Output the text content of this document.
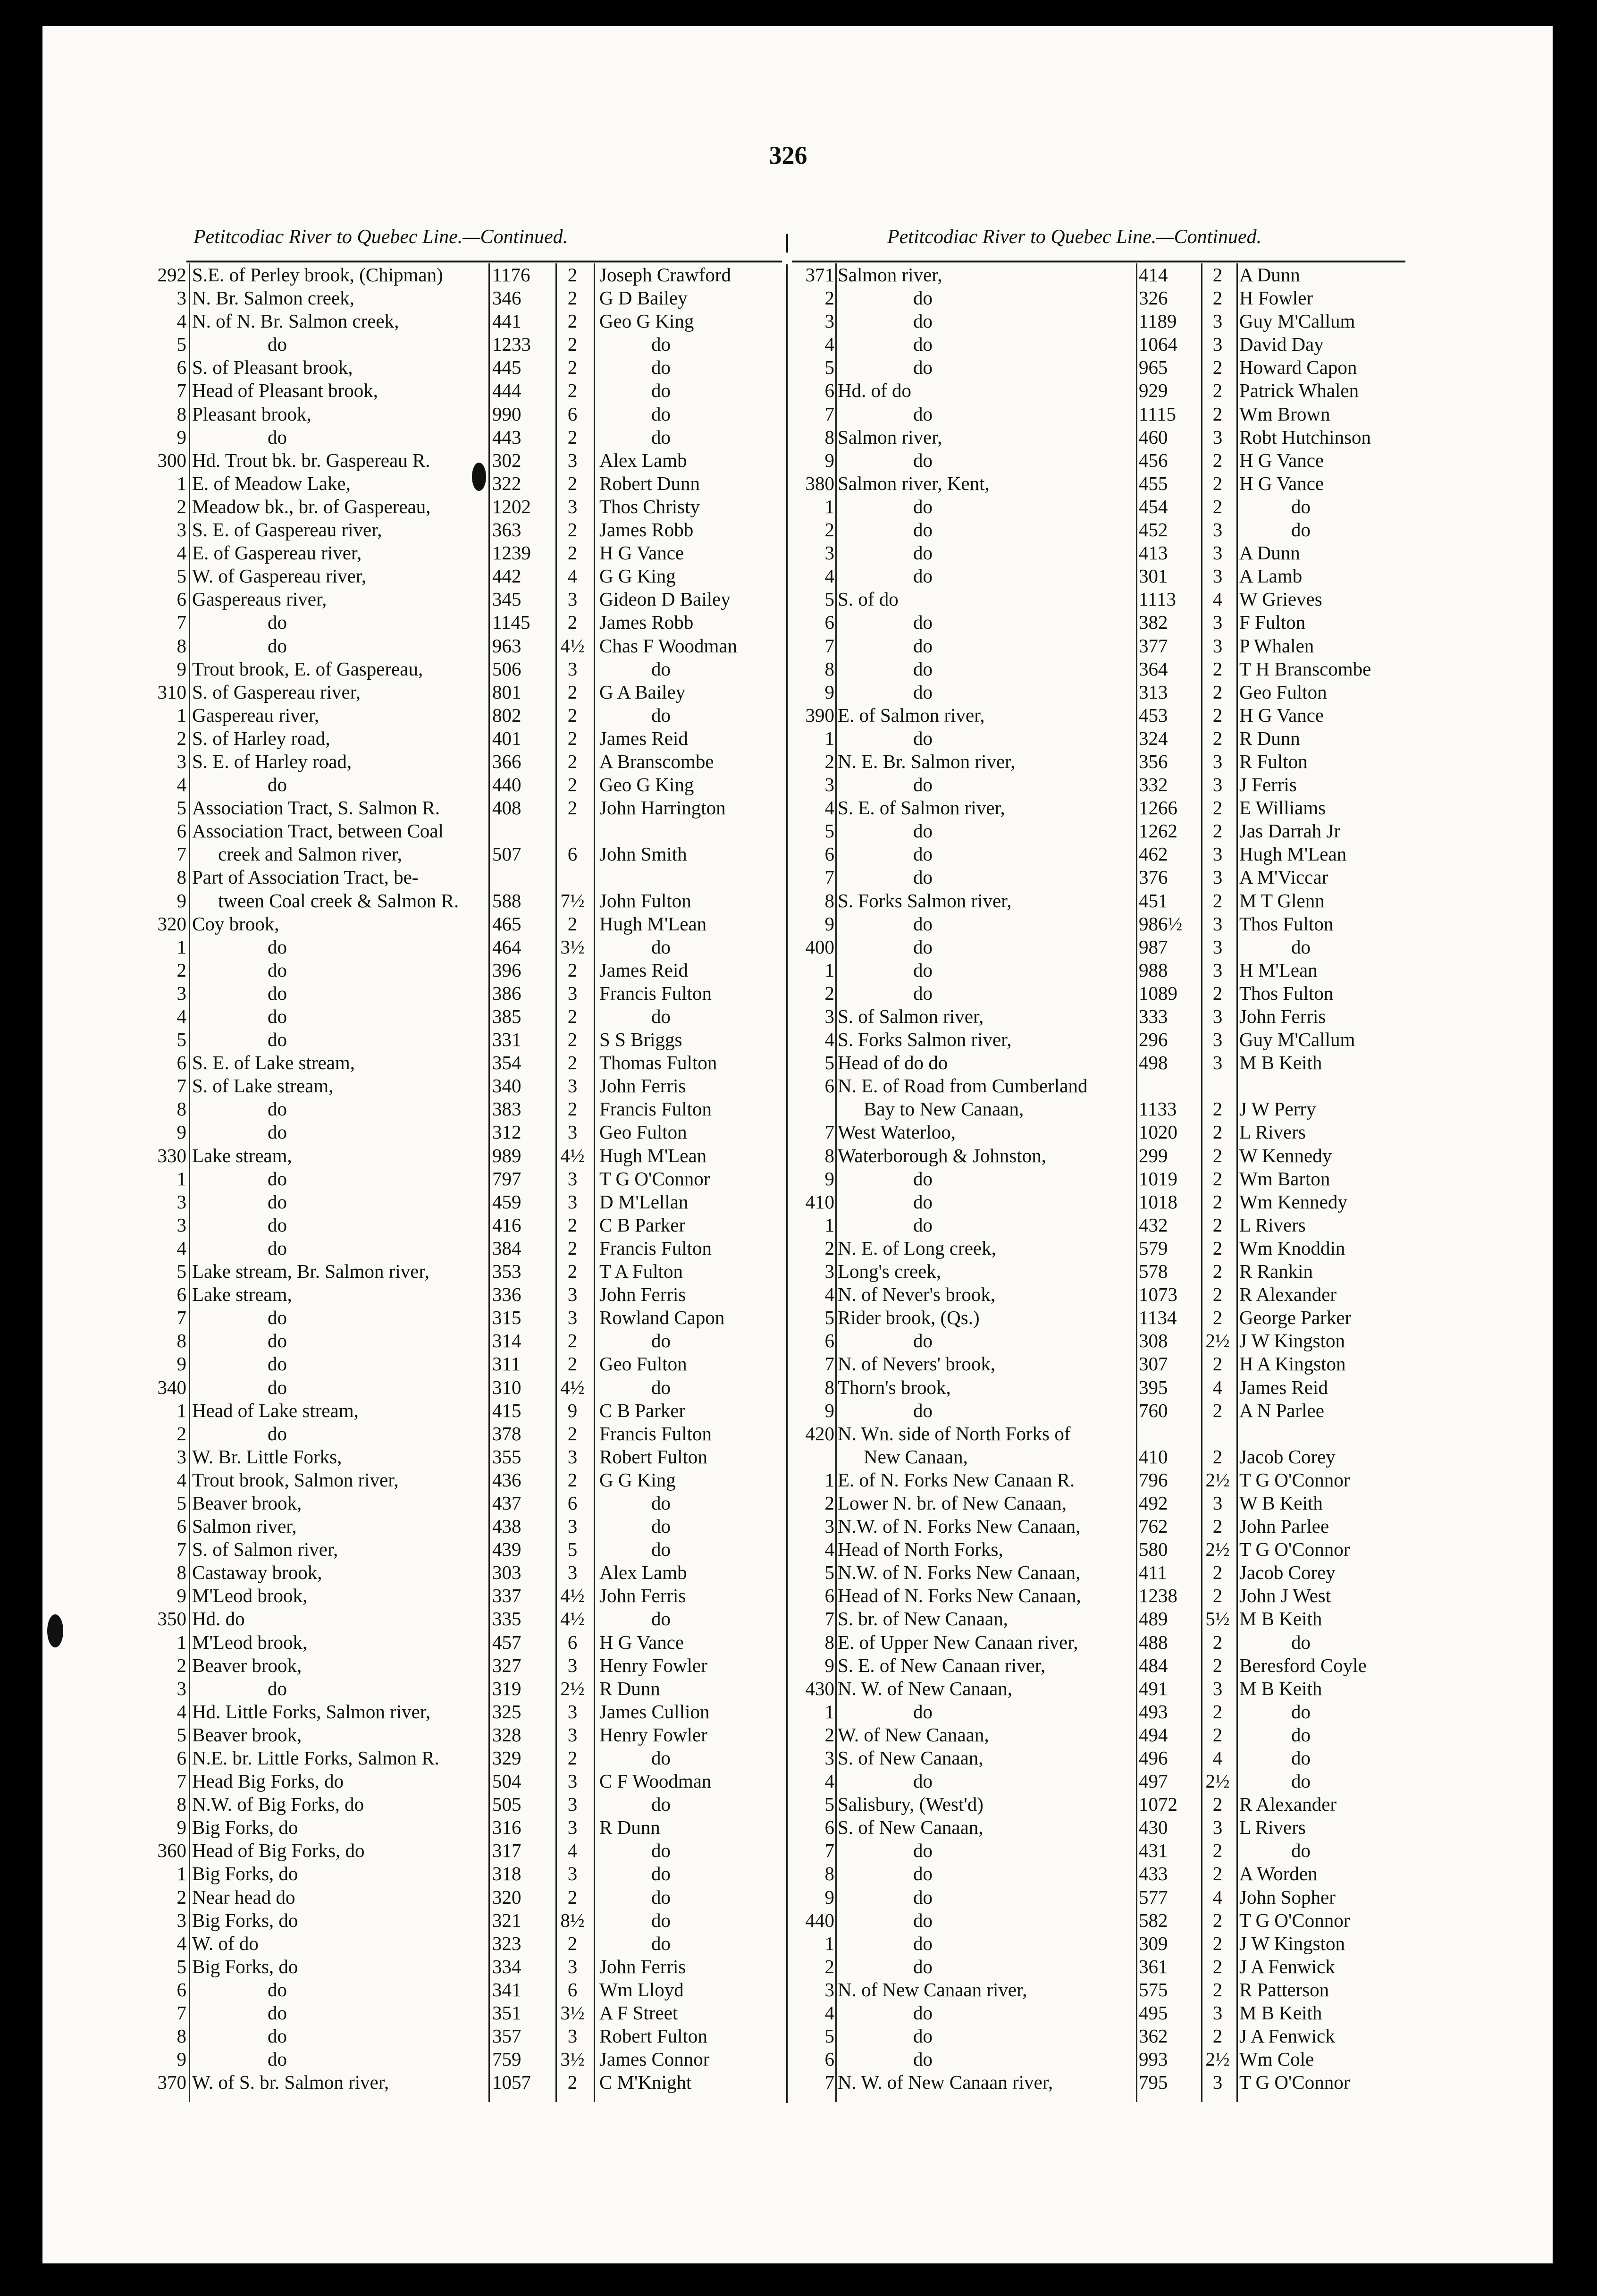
326
Petitcodiac River to Quebec Line.—Continued.	Petitcodiac River to Quebec Line.—Continued.
292 S.E. of Perley brook, (Chipman)	1176	2	Joseph Crawford
3 N. Br. Salmon creek,	346	2	G D Bailey
4 N. of N. Br. Salmon creek,	441	2	Geo G King
5	do	1233	2	do
6 S. of Pleasant brook,	445	2	do
7 Head of Pleasant brook,	444	2	do
8 Pleasant brook,	990	6	do
9	do	443	2	do
300 Hd. Trout bk. br. Gaspereau R.	302	3	Alex Lamb
1 E. of Meadow Lake,	322	2	Robert Dunn
2 Meadow bk., br. of Gaspereau,	1202	3	Thos Christy
3 S. E. of Gaspereau river,	363	2	James Robb
4 E. of Gaspereau river,	1239	2	H G Vance
5 W. of Gaspereau river,	442	4	G G King
6 Gaspereaus river,	345	3	Gideon D Bailey
7	do	1145	2	James Robb
8	do	963 4½ Chas F Woodman
9 Trout brook, E. of Gaspereau,	506	3	do
310 S. of Gaspereau river,	801	2	G A Bailey
1 Gaspereau river,	802	2	do
2 S. of Harley road,	401	2	James Reid
3 S. E. of Harley road,	366	2	A Branscombe
4	do	440	2	Geo G King
5 Association Tract, S. Salmon R.	408	2	John Harrington
6 Association Tract, between Coal
7	creek and Salmon river,	507	6	John Smith
8 Part of Association Tract, be-
9	tween Coal creek & Salmon R. 588 7½ John Fulton
320 Coy brook,	465	2	Hugh M'Lean
1	do	464 3½	do
2	do	396	2	James Reid
3	do	386	3	Francis Fulton
4	do	385	2	do
5	do	331	2	S S Briggs
6 S. E. of Lake stream,	354	2	Thomas Fulton
7 S. of Lake stream,	340	3	John Ferris
8	do	383	2	Francis Fulton
9	do	312	3	Geo Fulton
330 Lake stream,	989 4½ Hugh M'Lean
1	do	797	3	T G O'Connor
3	do	459	3	D M'Lellan
3	do	416	2	C B Parker
4	do	384	2	Francis Fulton
5 Lake stream, Br. Salmon river,	353	2	T A Fulton
6 Lake stream,	336	3	John Ferris
7	do	315	3	Rowland Capon
8	do	314	2	do
9	do	311	2	Geo Fulton
340	do	310 4½	do
1 Head of Lake stream,	415	9	C B Parker
2	do	378	2	Francis Fulton
3 W. Br. Little Forks,	355	3	Robert Fulton
4 Trout brook, Salmon river,	436	2	G G King
5 Beaver brook,	437	6	do
6 Salmon river,	438	3	do
7 S. of Salmon river,	439	5	do
8 Castaway brook,	303	3	Alex Lamb
9 M'Leod brook,	337 4½ John Ferris
350 Hd. do	335 4½	do
1 M'Leod brook,	457	6	H G Vance
2 Beaver brook,	327	3	Henry Fowler
3	do	319 2½ R Dunn
4 Hd. Little Forks, Salmon river,	325	3	James Cullion
5 Beaver brook,	328	3	Henry Fowler
6 N.E. br. Little Forks, Salmon R.	329	2	do
7 Head Big Forks, do	504	3	C F Woodman
8 N.W. of Big Forks, do	505	3	do
9 Big Forks, do	316	3	R Dunn
360 Head of Big Forks, do	317	4	do
1 Big Forks, do	318	3	do
2 Near head do	320	2	do
3 Big Forks, do	321 8½	do
4 W. of do	323	2	do
5 Big Forks, do	334	3	John Ferris
6	do	341	6	Wm Lloyd
7	do	351 3½ A F Street
8	do	357	3	Robert Fulton
9	do	759 3½ James Connor
370 W. of S. br. Salmon river,	1057	2	C M'Knight
371 Salmon river,	414	2 A Dunn
2	do	326	2 H Fowler
3	do	1189	3 Guy M'Callum
4	do	1064	3 David Day
5	do	965	2 Howard Capon
6 Hd. of do	929	2 Patrick Whalen
7	do	1115	2 Wm Brown
8 Salmon river,	460	3 Robt Hutchinson
9	do	456	2 H G Vance
380 Salmon river, Kent,	455	2 H G Vance
1	do	454	2	do
2	do	452	3	do
3	do	413	3 A Dunn
4	do	301	3 A Lamb
5 S. of do	1113	4 W Grieves
6	do	382	3 F Fulton
7	do	377	3 P Whalen
8	do	364	2 T H Branscombe
9	do	313	2 Geo Fulton
390 E. of Salmon river,	453	2 H G Vance
1	do	324	2 R Dunn
2 N. E. Br. Salmon river,	356	3 R Fulton
3	do	332	3 J Ferris
4 S. E. of Salmon river,	1266	2 E Williams
5	do	1262	2 Jas Darrah Jr
6	do	462	3 Hugh M'Lean
7	do	376	3 A M'Viccar
8 S. Forks Salmon river,	451	2 M T Glenn
9	do	986½	3 Thos Fulton
400	do	987	3	do
1	do	988	3 H M'Lean
2	do	1089	2 Thos Fulton
3 S. of Salmon river,	333	3 John Ferris
4 S. Forks Salmon river,	296	3 Guy M'Callum
5 Head of do do	498	3 M B Keith
6 N. E. of Road from Cumberland
Bay to New Canaan,	1133	2 J W Perry
7 West Waterloo,	1020	2 L Rivers
8 Waterborough & Johnston,	299	2 W Kennedy
9	do	1019	2 Wm Barton
410	do	1018	2 Wm Kennedy
1	do	432	2 L Rivers
2 N. E. of Long creek,	579	2 Wm Knoddin
3 Long's creek,	578	2 R Rankin
4 N. of Never's brook,	1073	2 R Alexander
5 Rider brook, (Qs.)	1134	2 George Parker
6	do	308 2½ J W Kingston
7 N. of Nevers' brook,	307	2 H A Kingston
8 Thorn's brook,	395	4 James Reid
9	do	760	2 A N Parlee
420 N. Wn. side of North Forks of
New Canaan,	410	2 Jacob Corey
1 E. of N. Forks New Canaan R.	796 2½ T G O'Connor
2 Lower N. br. of New Canaan,	492	3 W B Keith
3 N.W. of N. Forks New Canaan,	762	2 John Parlee
4 Head of North Forks,	580 2½ T G O'Connor
5 N.W. of N. Forks New Canaan,	411	2 Jacob Corey
6 Head of N. Forks New Canaan,	1238	2 John J West
7 S. br. of New Canaan,	489 5½ M B Keith
8 E. of Upper New Canaan river,	488	2	do
9 S. E. of New Canaan river,	484	2 Beresford Coyle
430 N. W. of New Canaan,	491	3 M B Keith
1	do	493	2	do
2 W. of New Canaan,	494	2	do
3 S. of New Canaan,	496	4	do
4	do	497 2½	do
5 Salisbury, (West'd)	1072	2 R Alexander
6 S. of New Canaan,	430	3 L Rivers
7	do	431	2	do
8	do	433	2 A Worden
9	do	577	4 John Sopher
440	do	582	2 T G O'Connor
1	do	309	2 J W Kingston
2	do	361	2 J A Fenwick
3 N. of New Canaan river,	575	2 R Patterson
4	do	495	3 M B Keith
5	do	362	2 J A Fenwick
6	do	993 2½ Wm Cole
7 N. W. of New Canaan river,	795	3 T G O'Connor
